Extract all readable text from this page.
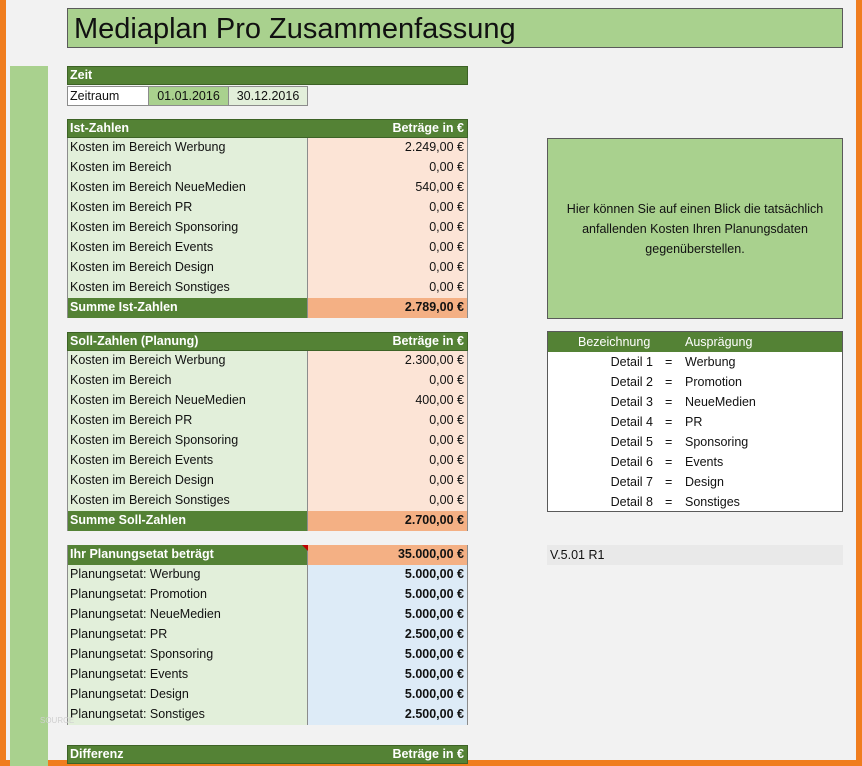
Mediaplan Pro Zusammenfassung
Zeit
Zeitraum	01.01.2016	30.12.2016
Ist-Zahlen	Beträge in €
Kosten im Bereich Werbung	2.249,00 €
Kosten im Bereich	0,00 €
Kosten im Bereich NeueMedien	540,00 €
Kosten im Bereich PR	0,00 €
Kosten im Bereich Sponsoring	0,00 €
Kosten im Bereich Events	0,00 €
Kosten im Bereich Design	0,00 €
Kosten im Bereich Sonstiges	0,00 €
Summe Ist-Zahlen	2.789,00 €
Soll-Zahlen (Planung)	Beträge in €
Kosten im Bereich Werbung	2.300,00 €
Kosten im Bereich	0,00 €
Kosten im Bereich NeueMedien	400,00 €
Kosten im Bereich PR	0,00 €
Kosten im Bereich Sponsoring	0,00 €
Kosten im Bereich Events	0,00 €
Kosten im Bereich Design	0,00 €
Kosten im Bereich Sonstiges	0,00 €
Summe Soll-Zahlen	2.700,00 €
Ihr Planungsetat beträgt	35.000,00 €
Planungsetat: Werbung	5.000,00 €
Planungsetat: Promotion	5.000,00 €
Planungsetat: NeueMedien	5.000,00 €
Planungsetat: PR	2.500,00 €
Planungsetat: Sponsoring	5.000,00 €
Planungsetat: Events	5.000,00 €
Planungsetat: Design	5.000,00 €
Planungsetat: Sonstiges	2.500,00 €
Differenz	Beträge in €
Hier können Sie auf einen Blick die tatsächlich anfallenden Kosten Ihren Planungsdaten gegenüberstellen.
Bezeichnung	Ausprägung
Detail 1 = Werbung
Detail 2 = Promotion
Detail 3 = NeueMedien
Detail 4 = PR
Detail 5 = Sponsoring
Detail 6 = Events
Detail 7 = Design
Detail 8 = Sonstiges
V.5.01 R1
SOURCE
